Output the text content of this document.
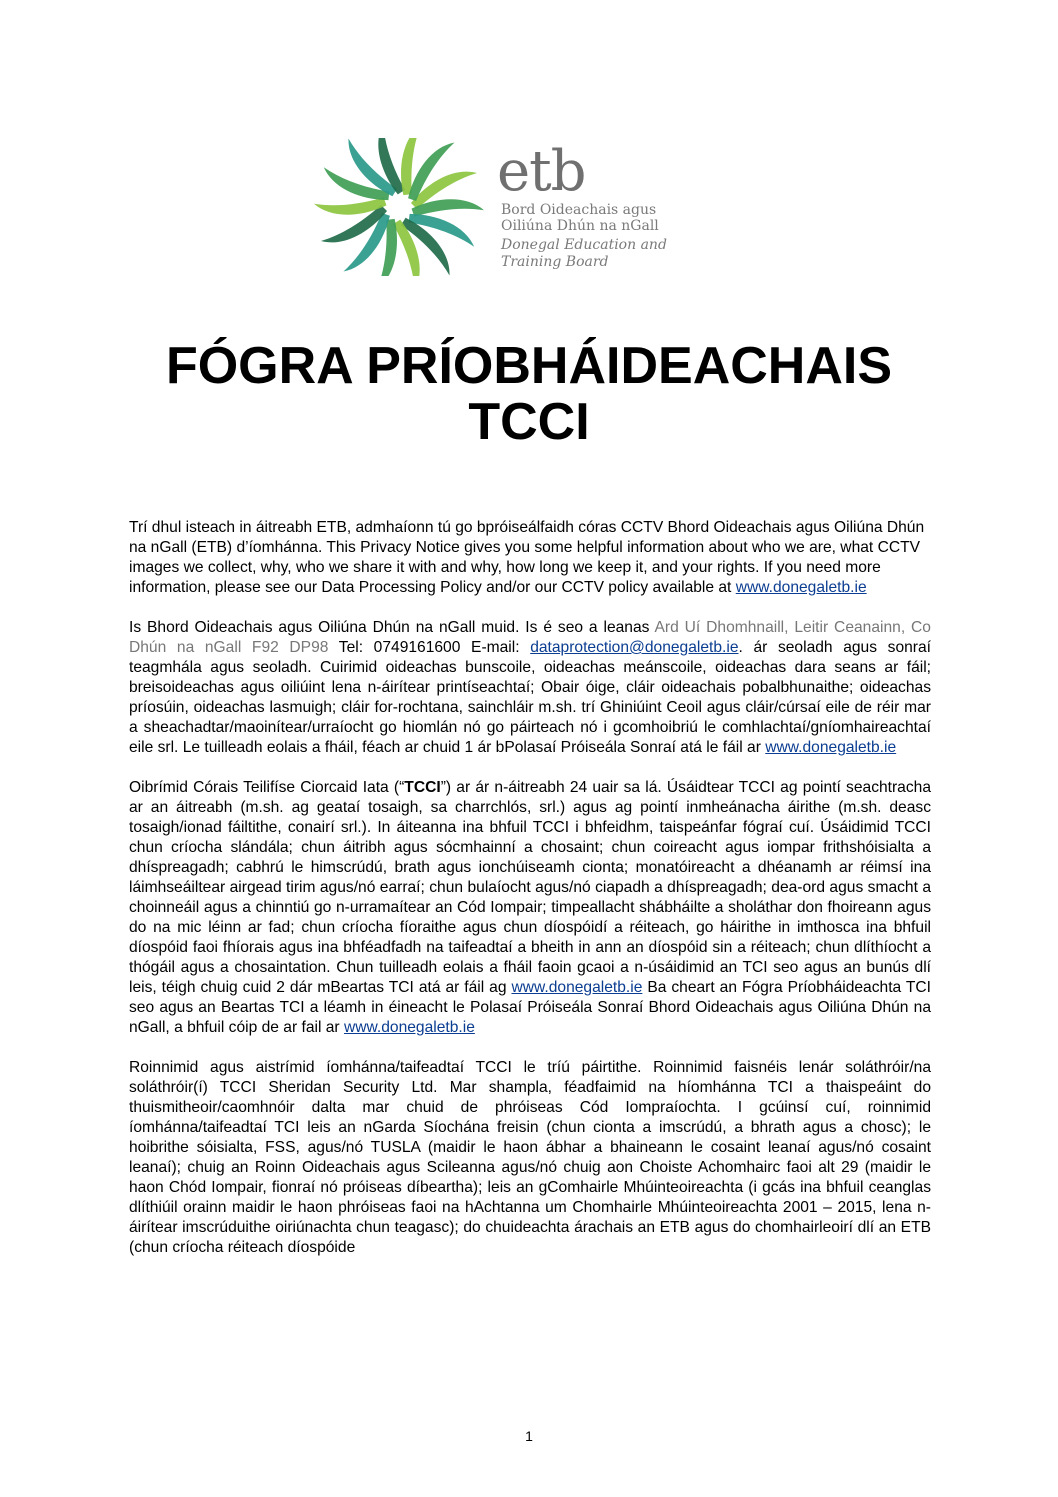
etb
Bord Oideachais agus
Oiliúna Dhún na nGall
Donegal Education and
Training Board
FÓGRA PRÍOBHÁIDEACHAIS
TCCI

Trí dhul isteach in áitreabh ETB, admhaíonn tú go bpróiseálfaidh córas CCTV Bhord Oideachais agus Oiliúna Dhún na nGall (ETB) d’íomhánna. This Privacy Notice gives you some helpful information about who we are, what CCTV images we collect, why, who we share it with and why, how long we keep it, and your rights. If you need more information, please see our Data Processing Policy and/or our CCTV policy available at www.donegaletb.ie

Is Bhord Oideachais agus Oiliúna Dhún na nGall muid. Is é seo a leanas Ard Uí Dhomhnaill, Leitir Ceanainn, Co Dhún na nGall F92 DP98 Tel: 0749161600 E-mail: dataprotection@donegaletb.ie. ár seoladh agus sonraí teagmhála agus seoladh. Cuirimid oideachas bunscoile, oideachas meánscoile, oideachas dara seans ar fáil; breisoideachas agus oiliúint lena n-áirítear printíseachtaí; Obair óige, cláir oideachais pobalbhunaithe; oideachas príosúin, oideachas lasmuigh; cláir for-rochtana, sainchláir m.sh. trí Ghiniúint Ceoil agus cláir/cúrsaí eile de réir mar a sheachadtar/maoinítear/urraíocht go hiomlán nó go páirteach nó i gcomhoibriú le comhlachtaí/gníomhaireachtaí eile srl. Le tuilleadh eolais a fháil, féach ar chuid 1 ár bPolasaí Próiseála Sonraí atá le fáil ar www.donegaletb.ie

Oibrímid Córais Teilifíse Ciorcaid Iata (“TCCI”) ar ár n-áitreabh 24 uair sa lá. Úsáidtear TCCI ag pointí seachtracha ar an áitreabh (m.sh. ag geataí tosaigh, sa charrchlós, srl.) agus ag pointí inmheánacha áirithe (m.sh. deasc tosaigh/ionad fáiltithe, conairí srl.). In áiteanna ina bhfuil TCCI i bhfeidhm, taispeánfar fógraí cuí. Úsáidimid TCCI chun críocha slándála; chun áitribh agus sócmhainní a chosaint; chun coireacht agus iompar frithshóisialta a dhíspreagadh; cabhrú le himscrúdú, brath agus ionchúiseamh cionta; monatóireacht a dhéanamh ar réimsí ina láimhseáiltear airgead tirim agus/nó earraí; chun bulaíocht agus/nó ciapadh a dhíspreagadh; dea-ord agus smacht a choinneáil agus a chinntiú go n-urramaítear an Cód Iompair; timpeallacht shábháilte a sholáthar don fhoireann agus do na mic léinn ar fad; chun críocha fíoraithe agus chun díospóidí a réiteach, go háirithe in imthosca ina bhfuil díospóid faoi fhíorais agus ina bhféadfadh na taifeadtaí a bheith in ann an díospóid sin a réiteach; chun dlíthíocht a thógáil agus a chosaintation. Chun tuilleadh eolais a fháil faoin gcaoi a n-úsáidimid an TCI seo agus an bunús dlí leis, téigh chuig cuid 2 dár mBeartas TCI atá ar fáil ag www.donegaletb.ie Ba cheart an Fógra Príobháideachta TCI seo agus an Beartas TCI a léamh in éineacht le Polasaí Próiseála Sonraí Bhord Oideachais agus Oiliúna Dhún na nGall, a bhfuil cóip de ar fail ar www.donegaletb.ie

Roinnimid agus aistrímid íomhánna/taifeadtaí TCCI le tríú páirtithe. Roinnimid faisnéis lenár soláthróir/na soláthróir(í) TCCI Sheridan Security Ltd. Mar shampla, féadfaimid na híomhánna TCI a thaispeáint do thuismitheoir/caomhnóir dalta mar chuid de phróiseas Cód Iompraíochta. I gcúinsí cuí, roinnimid íomhánna/taifeadtaí TCI leis an nGarda Síochána freisin (chun cionta a imscrúdú, a bhrath agus a chosc); le hoibrithe sóisialta, FSS, agus/nó TUSLA (maidir le haon ábhar a bhaineann le cosaint leanaí agus/nó cosaint leanaí); chuig an Roinn Oideachais agus Scileanna agus/nó chuig aon Choiste Achomhairc faoi alt 29 (maidir le haon Chód Iompair, fionraí nó próiseas díbeartha); leis an gComhairle Mhúinteoireachta (i gcás ina bhfuil ceanglas dlíthiúil orainn maidir le haon phróiseas faoi na hAchtanna um Chomhairle Mhúinteoireachta 2001 – 2015, lena n-áirítear imscrúduithe oiriúnachta chun teagasc); do chuideachta árachais an ETB agus do chomhairleoirí dlí an ETB (chun críocha réiteach díospóide

1
